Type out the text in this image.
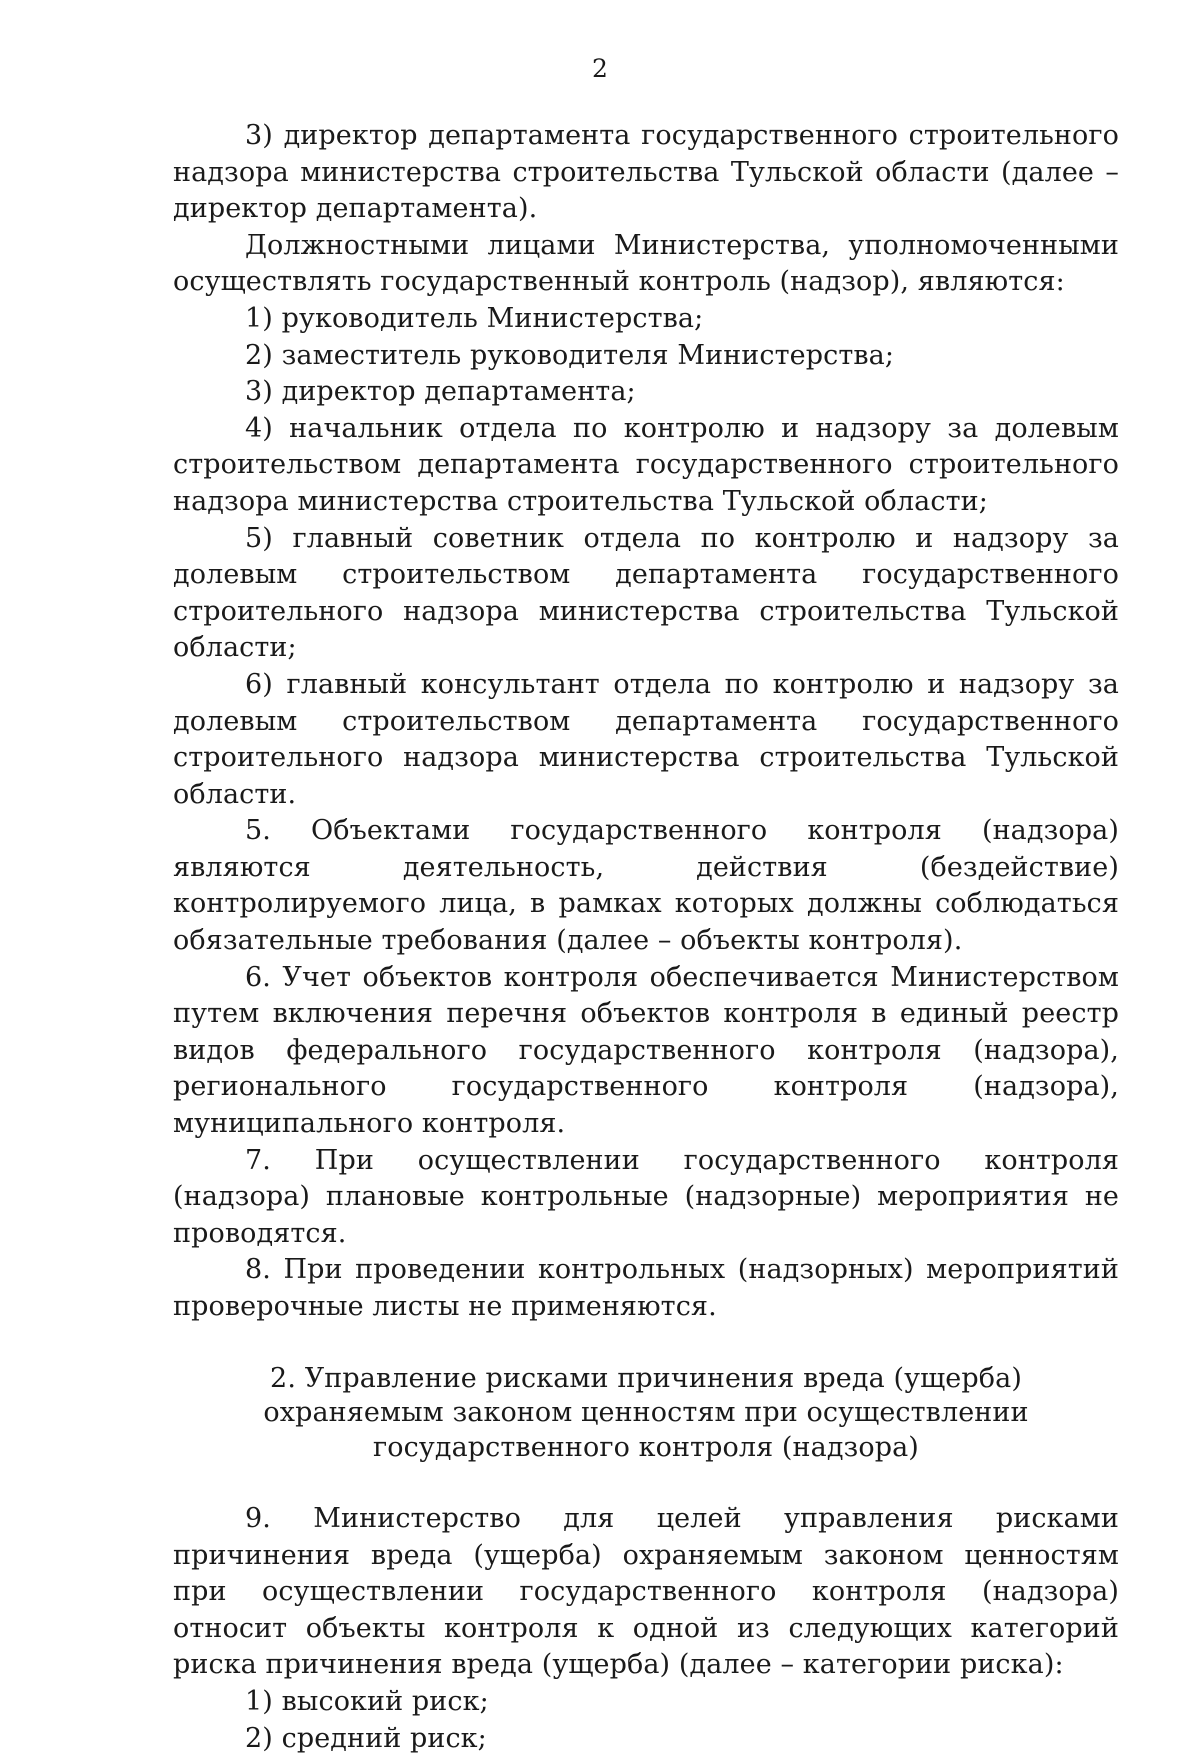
2

3) директор департамента государственного строительного надзора министерства строительства Тульской области (далее – директор департамента).

Должностными лицами Министерства, уполномоченными осуществлять государственный контроль (надзор), являются:

1) руководитель Министерства;

2) заместитель руководителя Министерства;

3) директор департамента;

4) начальник отдела по контролю и надзору за долевым строительством департамента государственного строительного надзора министерства строительства Тульской области;

5) главный советник отдела по контролю и надзору за долевым строительством департамента государственного строительного надзора министерства строительства Тульской области;

6) главный консультант отдела по контролю и надзору за долевым строительством департамента государственного строительного надзора министерства строительства Тульской области.

5. Объектами государственного контроля (надзора) являются деятельность, действия (бездействие) контролируемого лица, в рамках которых должны соблюдаться обязательные требования (далее – объекты контроля).

6. Учет объектов контроля обеспечивается Министерством путем включения перечня объектов контроля в единый реестр видов федерального государственного контроля (надзора), регионального государственного контроля (надзора), муниципального контроля.

7. При осуществлении государственного контроля (надзора) плановые контрольные (надзорные) мероприятия не проводятся.

8. При проведении контрольных (надзорных) мероприятий проверочные листы не применяются.

2. Управление рисками причинения вреда (ущерба)
охраняемым законом ценностям при осуществлении
государственного контроля (надзора)

9. Министерство для целей управления рисками причинения вреда (ущерба) охраняемым законом ценностям при осуществлении государственного контроля (надзора) относит объекты контроля к одной из следующих категорий риска причинения вреда (ущерба) (далее – категории риска):

1) высокий риск;

2) средний риск;
